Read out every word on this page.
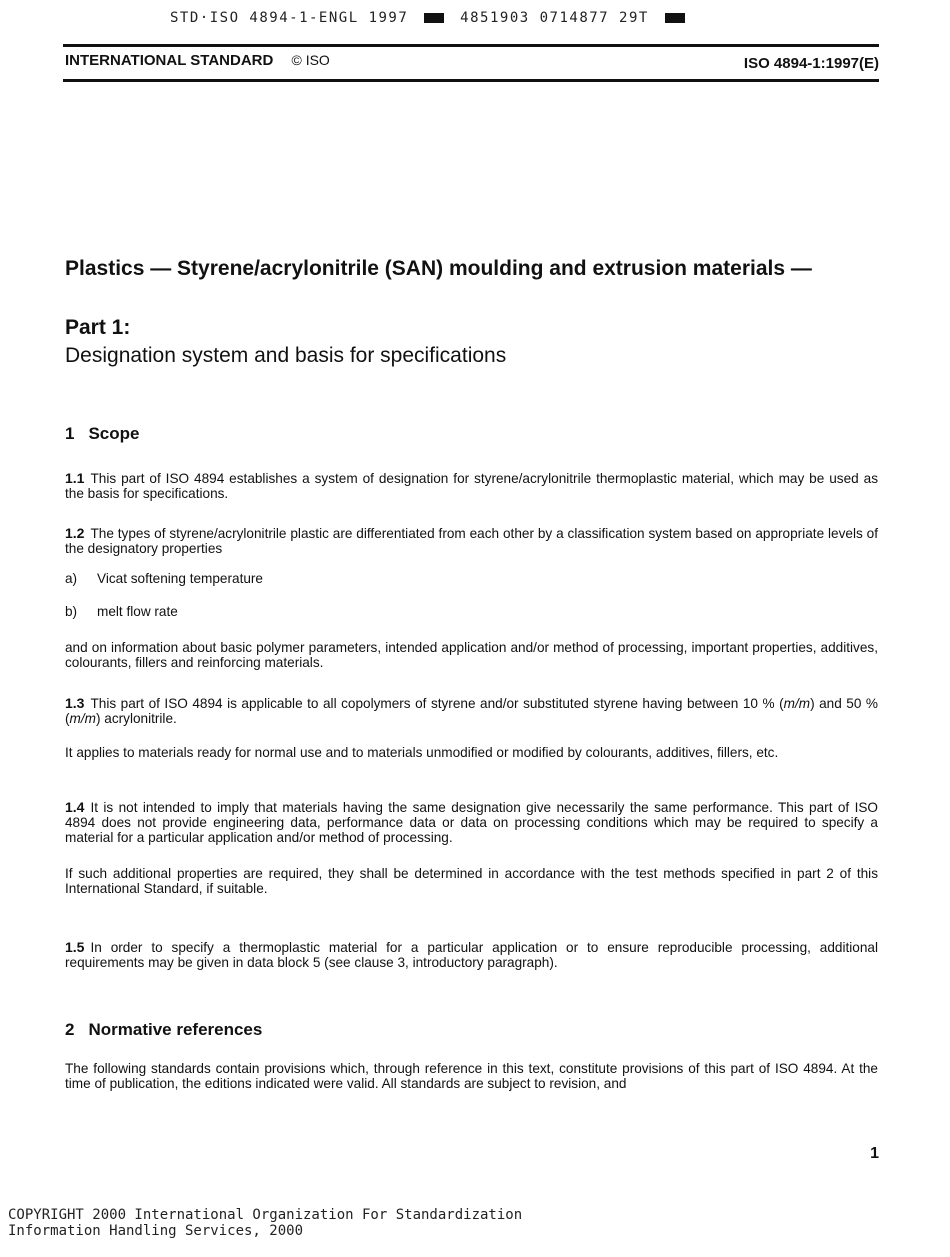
STD·ISO 4894-1-ENGL 1997	4851903 0714877 29T
INTERNATIONAL STANDARD © ISO	ISO 4894-1:1997(E)
Plastics — Styrene/acrylonitrile (SAN) moulding and extrusion materials —
Part 1:
Designation system and basis for specifications
1 Scope
1.1 This part of ISO 4894 establishes a system of designation for styrene/acrylonitrile thermoplastic material, which may be used as the basis for specifications.
1.2 The types of styrene/acrylonitrile plastic are differentiated from each other by a classification system based on appropriate levels of the designatory properties
a) Vicat softening temperature
b) melt flow rate
and on information about basic polymer parameters, intended application and/or method of processing, important properties, additives, colourants, fillers and reinforcing materials.
1.3 This part of ISO 4894 is applicable to all copolymers of styrene and/or substituted styrene having between 10 % (m/m) and 50 % (m/m) acrylonitrile.
It applies to materials ready for normal use and to materials unmodified or modified by colourants, additives, fillers, etc.
1.4 It is not intended to imply that materials having the same designation give necessarily the same performance. This part of ISO 4894 does not provide engineering data, performance data or data on processing conditions which may be required to specify a material for a particular application and/or method of processing.
If such additional properties are required, they shall be determined in accordance with the test methods specified in part 2 of this International Standard, if suitable.
1.5 In order to specify a thermoplastic material for a particular application or to ensure reproducible processing, additional requirements may be given in data block 5 (see clause 3, introductory paragraph).
2 Normative references
The following standards contain provisions which, through reference in this text, constitute provisions of this part of ISO 4894. At the time of publication, the editions indicated were valid. All standards are subject to revision, and
1
COPYRIGHT 2000 International Organization For Standardization
Information Handling Services, 2000
